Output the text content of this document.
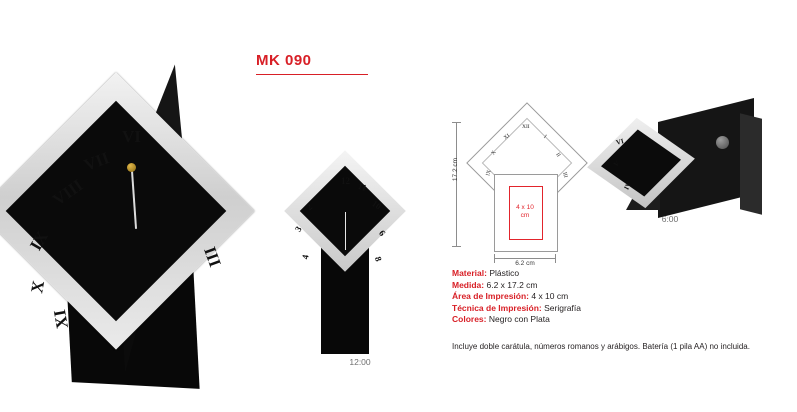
MK 090
VI
VII
VIII
IX
X
XI
III
12
2
3
4
6
8
10
11
12:00
4 x 10
cm
17.2 cm
6.2 cm
XII
XI
X
IX
I
II
III
VI
V
IV
6:00
Material: Plástico
Medida: 6.2 x 17.2 cm
Área de Impresión: 4 x 10 cm
Técnica de Impresión: Serigrafía
Colores: Negro con Plata
Incluye doble carátula, números romanos y arábigos. Batería (1 pila AA) no incluida.
